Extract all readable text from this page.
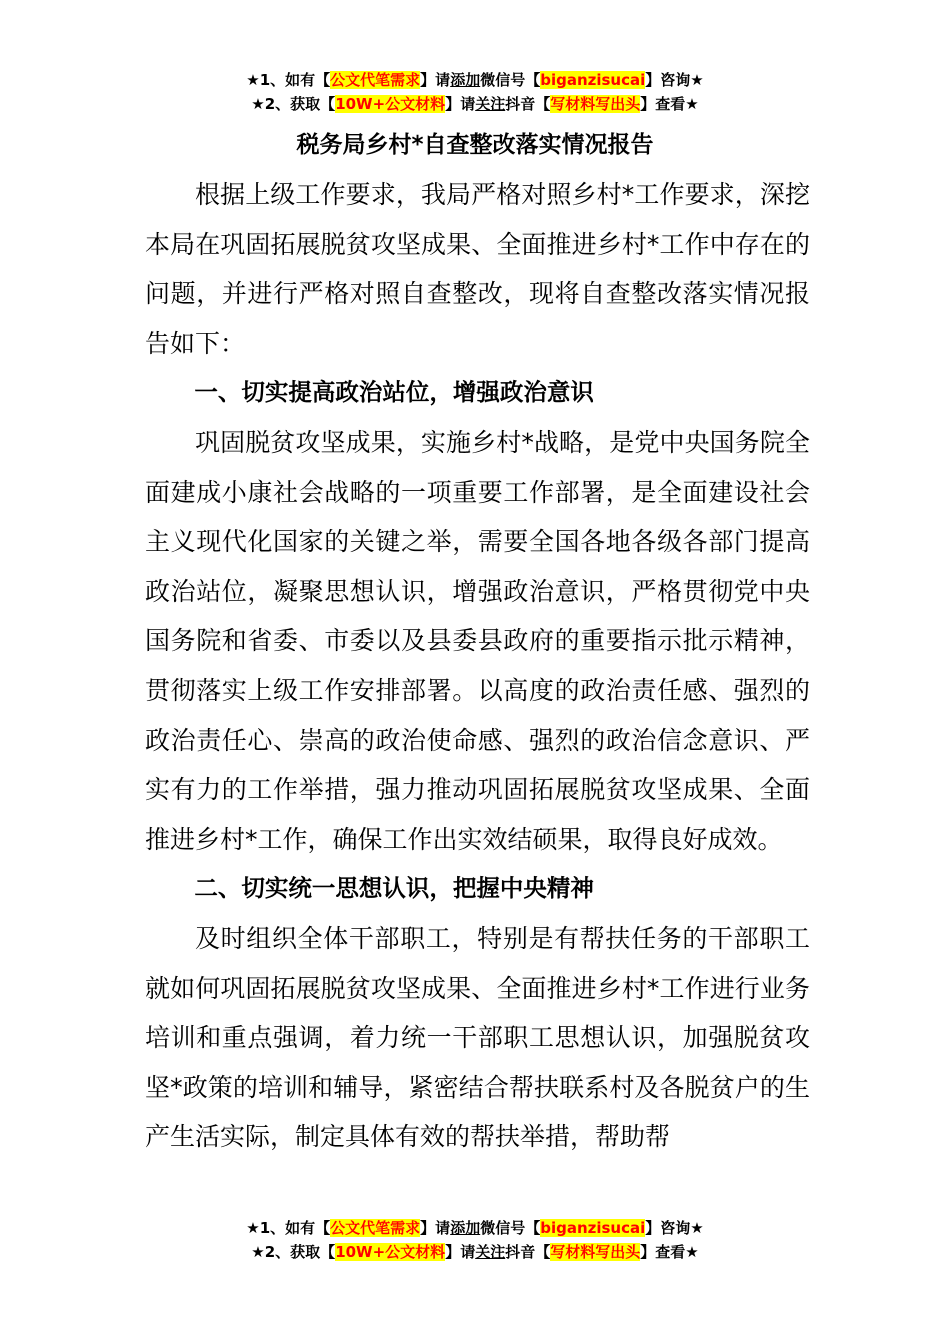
★1、如有【公文代笔需求】请添加微信号【biganzisucai】咨询★
★2、获取【10W+公文材料】请关注抖音【写材料写出头】查看★
税务局乡村*自查整改落实情况报告

根据上级工作要求，我局严格对照乡村*工作要求，深挖本局在巩固拓展脱贫攻坚成果、全面推进乡村*工作中存在的问题，并进行严格对照自查整改，现将自查整改落实情况报告如下：

一、切实提高政治站位，增强政治意识

巩固脱贫攻坚成果，实施乡村*战略，是党中央国务院全面建成小康社会战略的一项重要工作部署，是全面建设社会主义现代化国家的关键之举，需要全国各地各级各部门提高政治站位，凝聚思想认识，增强政治意识，严格贯彻党中央国务院和省委、市委以及县委县政府的重要指示批示精神，贯彻落实上级工作安排部署。以高度的政治责任感、强烈的政治责任心、崇高的政治使命感、强烈的政治信念意识、严实有力的工作举措，强力推动巩固拓展脱贫攻坚成果、全面推进乡村*工作，确保工作出实效结硕果，取得良好成效。

二、切实统一思想认识，把握中央精神

及时组织全体干部职工，特别是有帮扶任务的干部职工就如何巩固拓展脱贫攻坚成果、全面推进乡村*工作进行业务培训和重点强调，着力统一干部职工思想认识，加强脱贫攻坚*政策的培训和辅导，紧密结合帮扶联系村及各脱贫户的生产生活实际，制定具体有效的帮扶举措，帮助帮

★1、如有【公文代笔需求】请添加微信号【biganzisucai】咨询★
★2、获取【10W+公文材料】请关注抖音【写材料写出头】查看★
